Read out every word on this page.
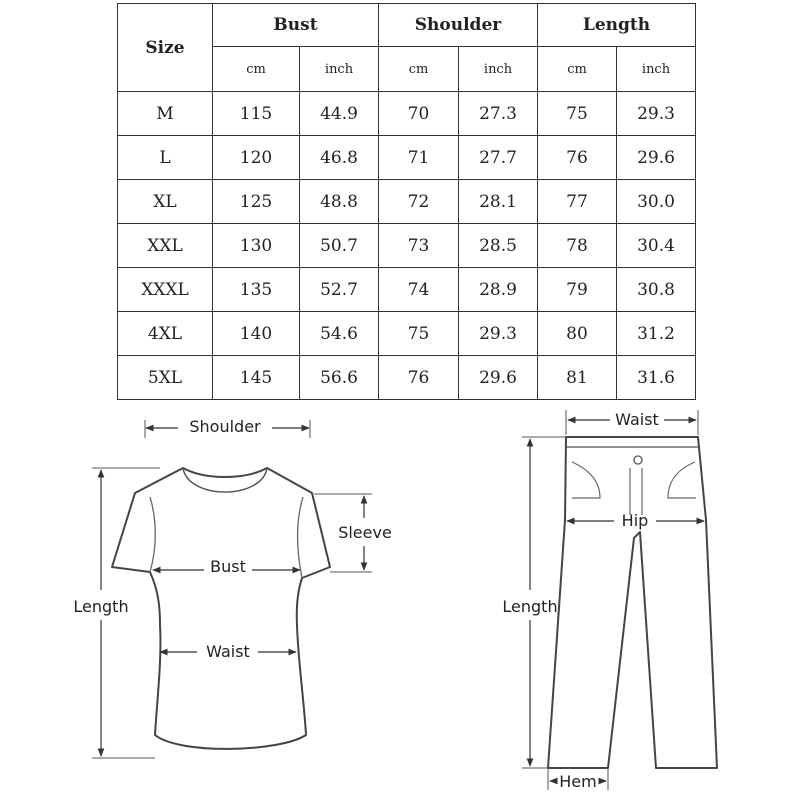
Size	Bust		Shoulder		Length	
	cm	inch	cm	inch	cm	inch
M	115	44.9	70	27.3	75	29.3
L	120	46.8	71	27.7	76	29.6
XL	125	48.8	72	28.1	77	30.0
XXL	130	50.7	73	28.5	78	30.4
XXXL	135	52.7	74	28.9	79	30.8
4XL	140	54.6	75	29.3	80	31.2
5XL	145	56.6	76	29.6	81	31.6
Shoulder
Length
Sleeve
Bust
Waist
Waist
Hip
Length
Hem
